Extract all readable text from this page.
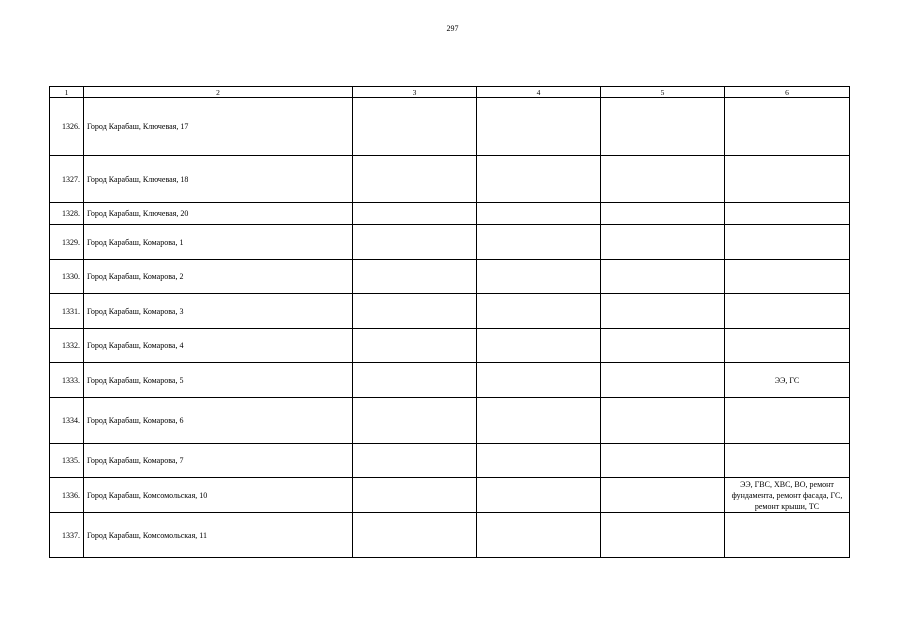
297
1	2	3	4	5	6
1326.	Город Карабаш, Ключевая, 17				
1327.	Город Карабаш, Ключевая, 18				
1328.	Город Карабаш, Ключевая, 20				
1329.	Город Карабаш, Комарова, 1				
1330.	Город Карабаш, Комарова, 2				
1331.	Город Карабаш, Комарова, 3				
1332.	Город Карабаш, Комарова, 4				
1333.	Город Карабаш, Комарова, 5				ЭЭ, ГС
1334.	Город Карабаш, Комарова, 6				
1335.	Город Карабаш, Комарова, 7				
1336.	Город Карабаш, Комсомольская, 10				ЭЭ, ГВС, ХВС, ВО, ремонт фундамента, ремонт фасада, ГС, ремонт крыши, ТС
1337.	Город Карабаш, Комсомольская, 11				
